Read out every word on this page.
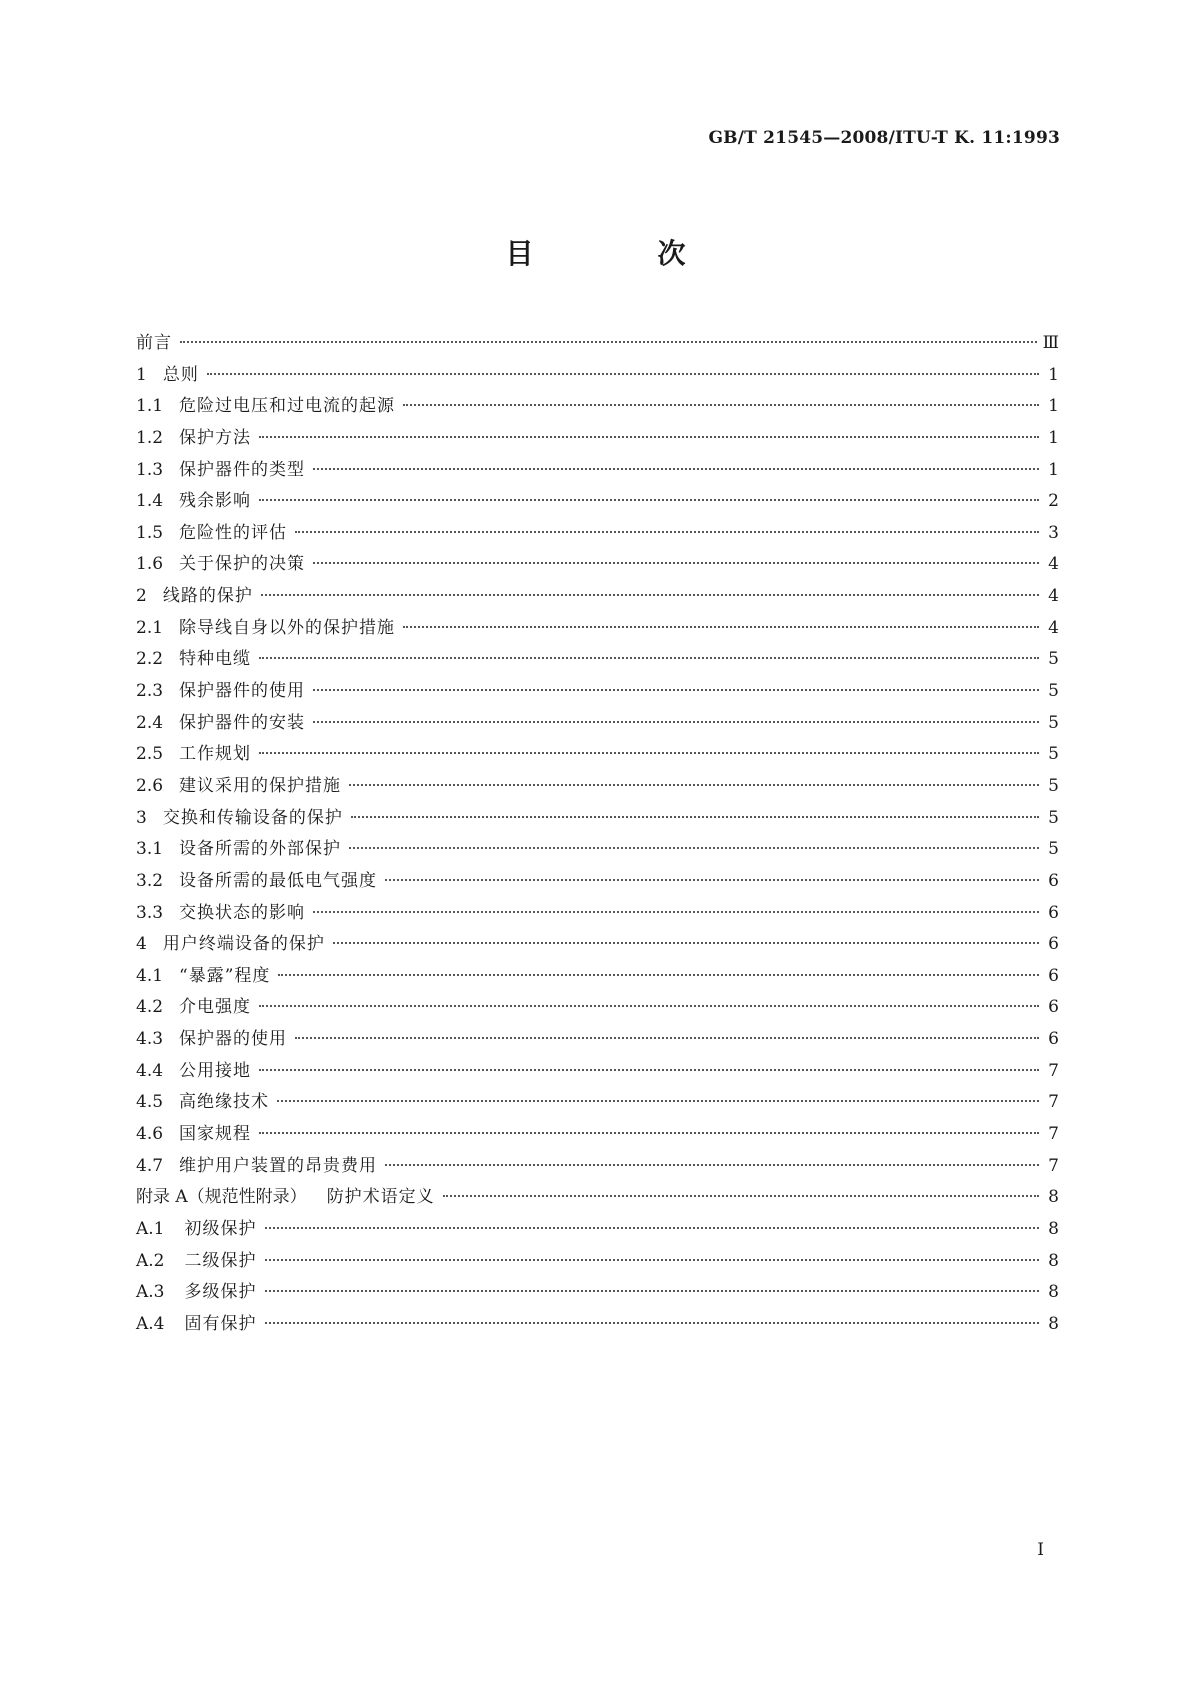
GB/T 21545—2008/ITU-T K. 11:1993
目　次
前言	Ⅲ
1 总则	1
1.1 危险过电压和过电流的起源	1
1.2 保护方法	1
1.3 保护器件的类型	1
1.4 残余影响	2
1.5 危险性的评估	3
1.6 关于保护的决策	4
2 线路的保护	4
2.1 除导线自身以外的保护措施	4
2.2 特种电缆	5
2.3 保护器件的使用	5
2.4 保护器件的安装	5
2.5 工作规划	5
2.6 建议采用的保护措施	5
3 交换和传输设备的保护	5
3.1 设备所需的外部保护	5
3.2 设备所需的最低电气强度	6
3.3 交换状态的影响	6
4 用户终端设备的保护	6
4.1 “暴露”程度	6
4.2 介电强度	6
4.3 保护器的使用	6
4.4 公用接地	7
4.5 高绝缘技术	7
4.6 国家规程	7
4.7 维护用户装置的昂贵费用	7
附录 A（规范性附录） 防护术语定义	8
A.1 初级保护	8
A.2 二级保护	8
A.3 多级保护	8
A.4 固有保护	8
I
